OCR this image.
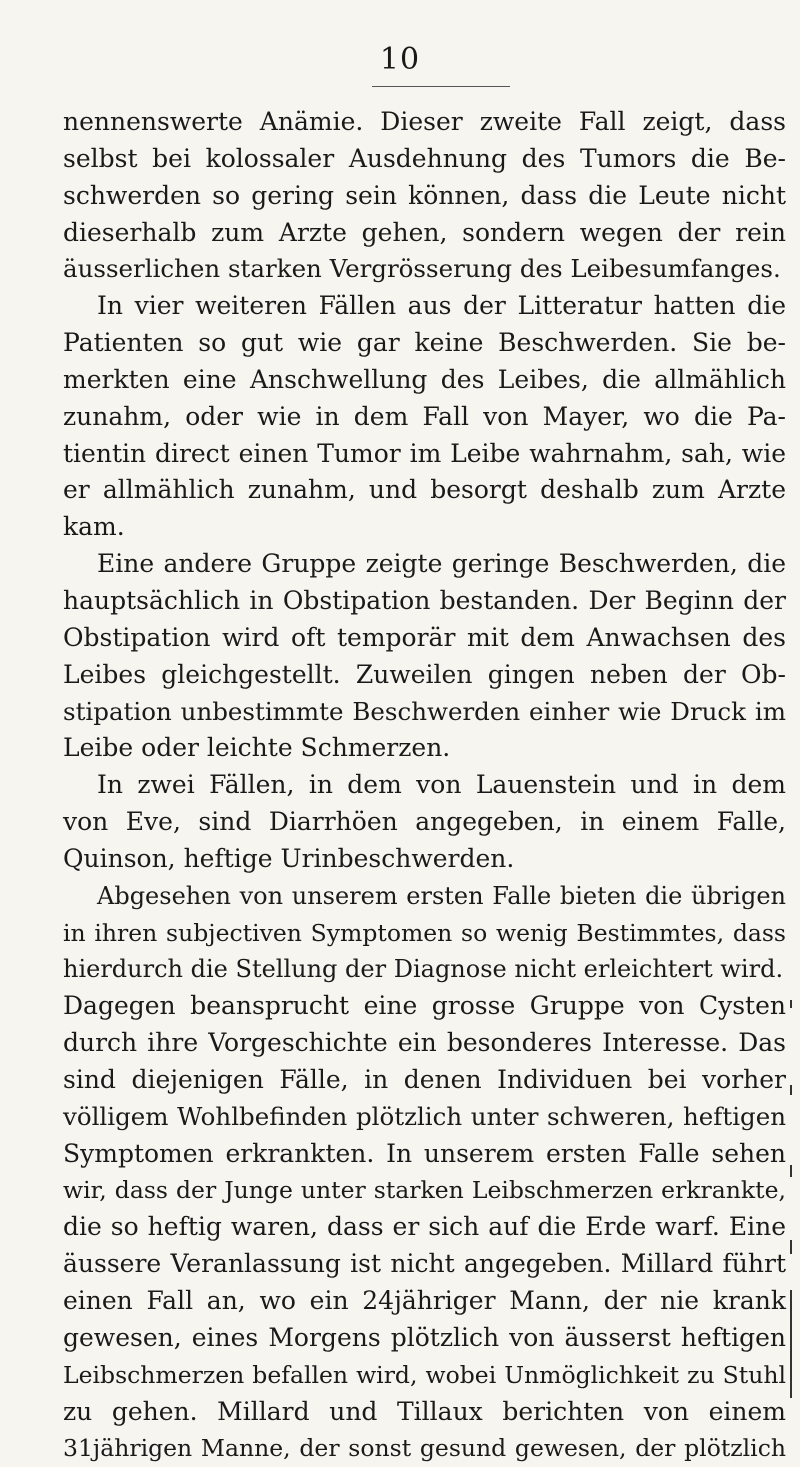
10
nennenswerte Anämie. Dieser zweite Fall zeigt, dass
selbst bei kolossaler Ausdehnung des Tumors die Be-
schwerden so gering sein können, dass die Leute nicht
dieserhalb zum Arzte gehen, sondern wegen der rein
äusserlichen starken Vergrösserung des Leibesumfanges.
In vier weiteren Fällen aus der Litteratur hatten die
Patienten so gut wie gar keine Beschwerden. Sie be-
merkten eine Anschwellung des Leibes, die allmählich
zunahm, oder wie in dem Fall von Mayer, wo die Pa-
tientin direct einen Tumor im Leibe wahrnahm, sah, wie
er allmählich zunahm, und besorgt deshalb zum Arzte
kam.
Eine andere Gruppe zeigte geringe Beschwerden, die
hauptsächlich in Obstipation bestanden. Der Beginn der
Obstipation wird oft temporär mit dem Anwachsen des
Leibes gleichgestellt. Zuweilen gingen neben der Ob-
stipation unbestimmte Beschwerden einher wie Druck im
Leibe oder leichte Schmerzen.
In zwei Fällen, in dem von Lauenstein und in dem
von Eve, sind Diarrhöen angegeben, in einem Falle,
Quinson, heftige Urinbeschwerden.
Abgesehen von unserem ersten Falle bieten die übrigen
in ihren subjectiven Symptomen so wenig Bestimmtes, dass
hierdurch die Stellung der Diagnose nicht erleichtert wird.
Dagegen beansprucht eine grosse Gruppe von Cysten
durch ihre Vorgeschichte ein besonderes Interesse. Das
sind diejenigen Fälle, in denen Individuen bei vorher
völligem Wohlbefinden plötzlich unter schweren, heftigen
Symptomen erkrankten. In unserem ersten Falle sehen
wir, dass der Junge unter starken Leibschmerzen erkrankte,
die so heftig waren, dass er sich auf die Erde warf. Eine
äussere Veranlassung ist nicht angegeben. Millard führt
einen Fall an, wo ein 24jähriger Mann, der nie krank
gewesen, eines Morgens plötzlich von äusserst heftigen
Leibschmerzen befallen wird, wobei Unmöglichkeit zu Stuhl
zu gehen. Millard und Tillaux berichten von einem
31jährigen Manne, der sonst gesund gewesen, der plötzlich
